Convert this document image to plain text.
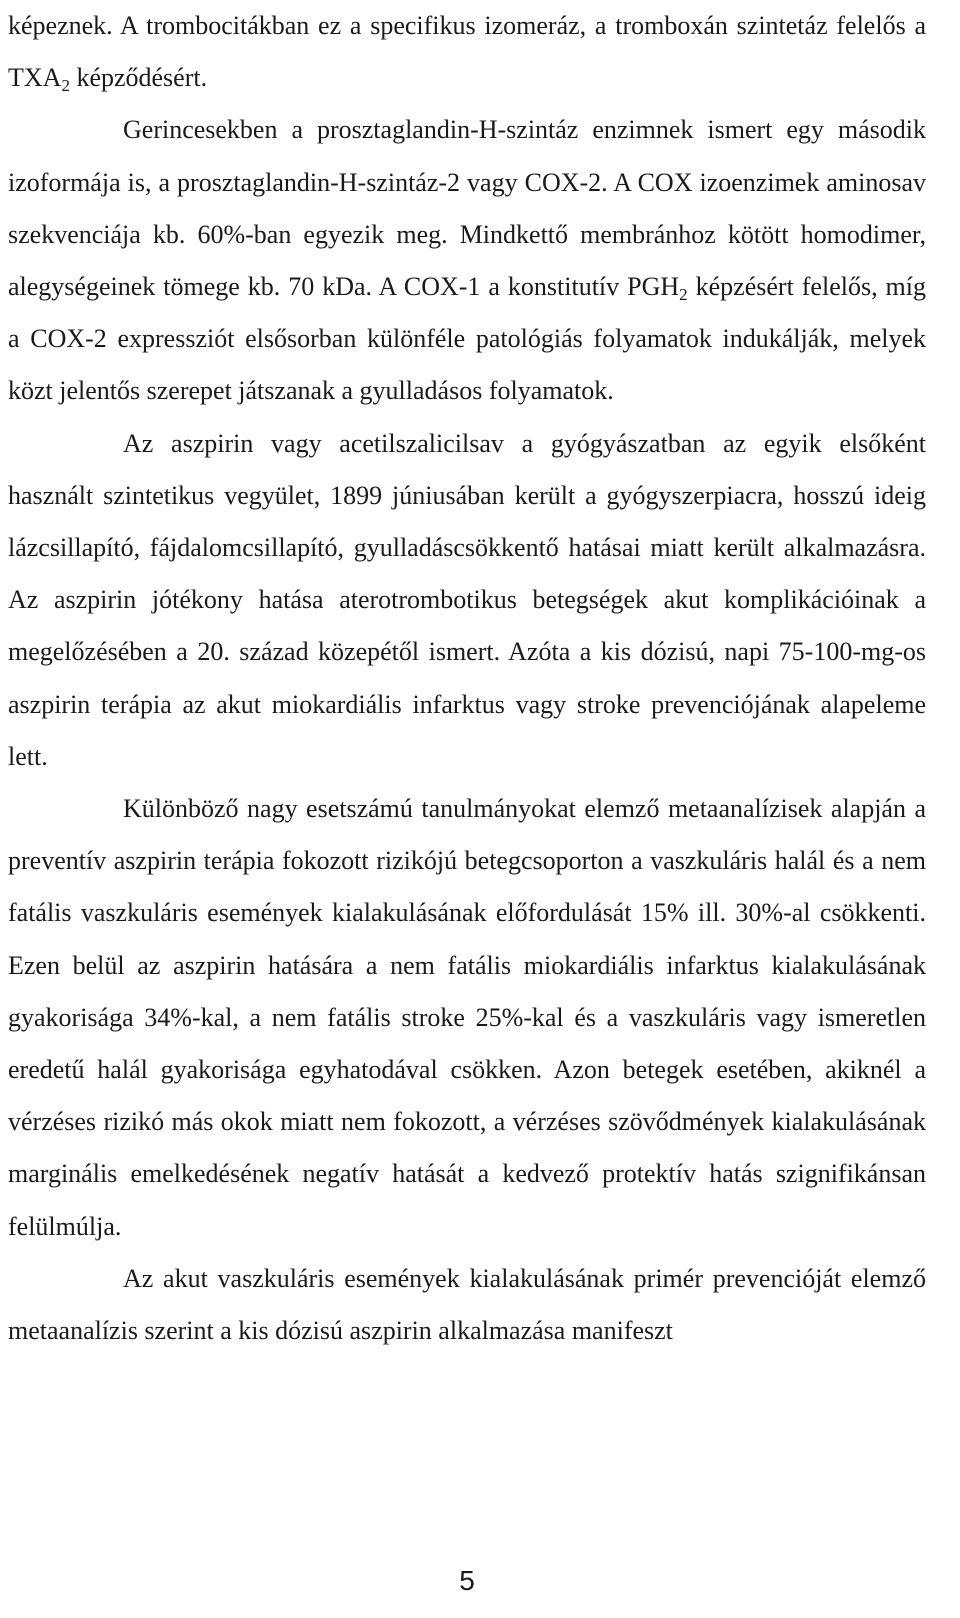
képeznek. A trombocitákban ez a specifikus izomeráz, a tromboxán szintetáz felelős a $TXA_2$ képződésért.

Gerincesekben a prosztaglandin-H-szintáz enzimnek ismert egy második izoformája is, a prosztaglandin-H-szintáz-2 vagy COX-2. A COX izoenzimek aminosav szekvenciája kb. 60%-ban egyezik meg. Mindkettő membránhoz kötött homodimer, alegységeinek tömege kb. 70 kDa. A COX-1 a konstitutív $PGH_2$ képzésért felelős, míg a COX-2 expressziót elsősorban különféle patológiás folyamatok indukálják, melyek közt jelentős szerepet játszanak a gyulladásos folyamatok.

Az aszpirin vagy acetilszalicilsav a gyógyászatban az egyik elsőként használt szintetikus vegyület, 1899 júniusában került a gyógyszerpiacra, hosszú ideig lázcsillapító, fájdalomcsillapító, gyulladáscsökkentő hatásai miatt került alkalmazásra. Az aszpirin jótékony hatása aterotrombotikus betegségek akut komplikációinak a megelőzésében a 20. század közepétől ismert. Azóta a kis dózisú, napi 75-100-mg-os aszpirin terápia az akut miokardiális infarktus vagy stroke prevenciójának alapeleme lett.

Különböző nagy esetszámú tanulmányokat elemző metaanalízisek alapján a preventív aszpirin terápia fokozott rizikójú betegcsoporton a vaszkuláris halál és a nem fatális vaszkuláris események kialakulásának előfordulását 15% ill. 30%-al csökkenti. Ezen belül az aszpirin hatására a nem fatális miokardiális infarktus kialakulásának gyakorisága 34%-kal, a nem fatális stroke 25%-kal és a vaszkuláris vagy ismeretlen eredetű halál gyakorisága egyhatodával csökken. Azon betegek esetében, akiknél a vérzéses rizikó más okok miatt nem fokozott, a vérzéses szövődmények kialakulásának marginális emelkedésének negatív hatását a kedvező protektív hatás szignifikánsan felülmúlja.

Az akut vaszkuláris események kialakulásának primér prevencióját elemző metaanalízis szerint a kis dózisú aszpirin alkalmazása manifeszt

5
